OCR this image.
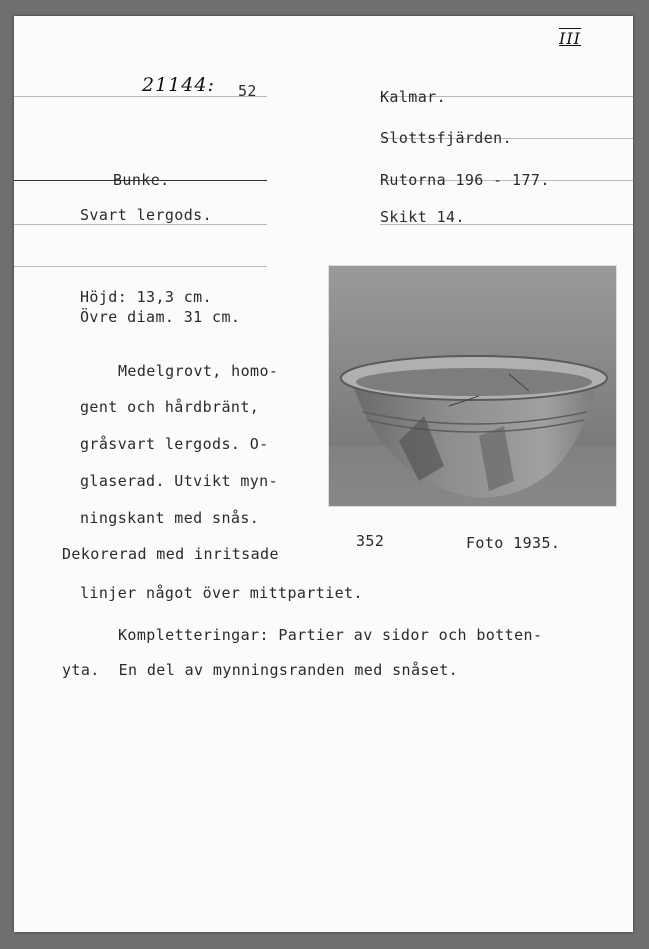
III
21144: 52	Kalmar.
Slottsfjärden.
Bunke.	Rutorna 196 - 177.
Svart lergods.	Skikt 14.
Höjd: 13,3 cm.
Övre diam. 31 cm.
Medelgrovt, homo-
gent och hårdbränt,
gråsvart lergods. O-
glaserad. Utvikt myn-
ningskant med snås.
Dekorerad med inritsade
linjer något över mittpartiet.
352	Foto 1935.
Kompletteringar: Partier av sidor och botten-
yta.  En del av mynningsranden med snåset.
